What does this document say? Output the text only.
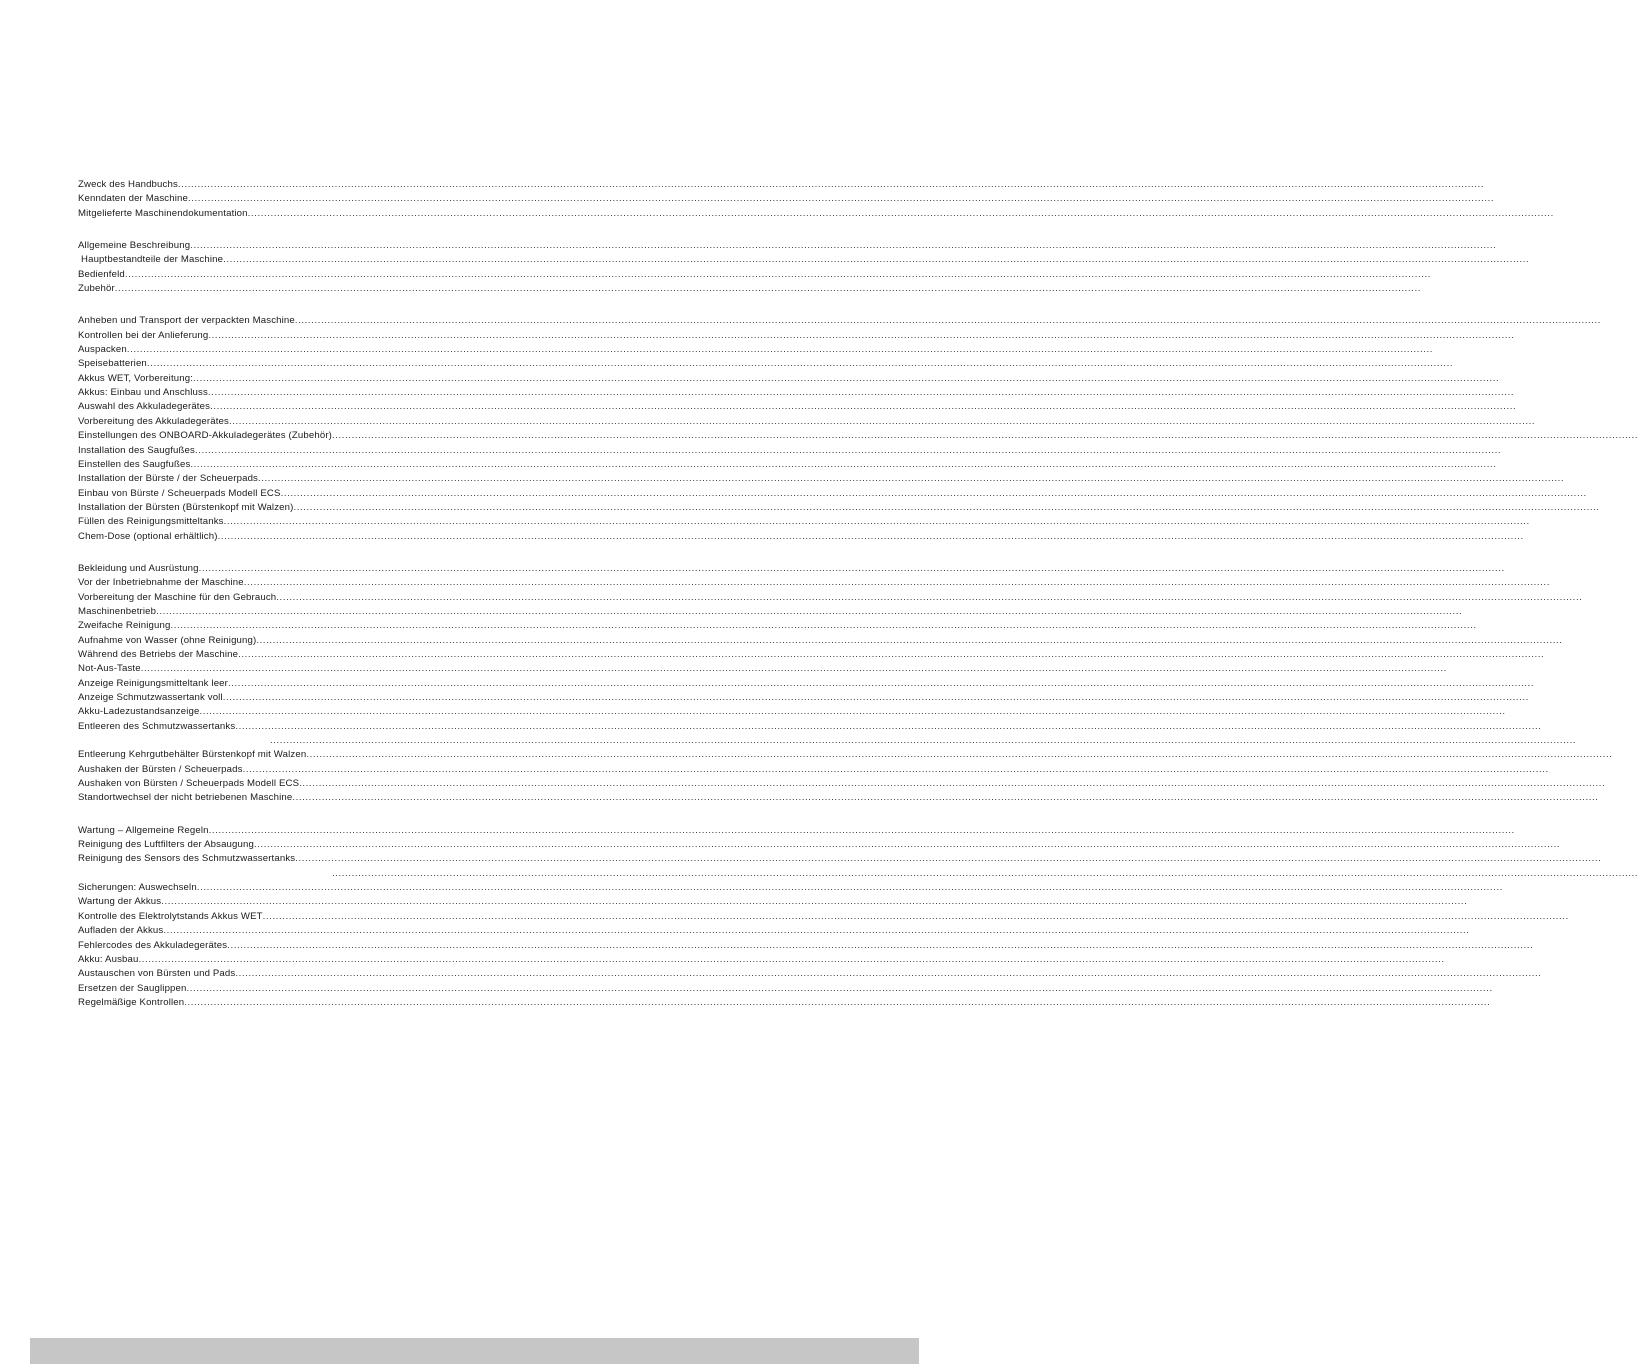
Zweck des Handbuchs ................................................................................................................................................................................................................................................................................................................................................................................................................
Kenndaten der Maschine ................................................................................................................................................................................................................................................................................................................................................................................................................
Mitgelieferte Maschinendokumentation ................................................................................................................................................................................................................................................................................................................................................................................................................
Allgemeine Beschreibung ................................................................................................................................................................................................................................................................................................................................................................................................................
Hauptbestandteile der Maschine ................................................................................................................................................................................................................................................................................................................................................................................................................
Bedienfeld ................................................................................................................................................................................................................................................................................................................................................................................................................
Zubehör ................................................................................................................................................................................................................................................................................................................................................................................................................
Anheben und Transport der verpackten Maschine ................................................................................................................................................................................................................................................................................................................................................................................................................
Kontrollen bei der Anlieferung ................................................................................................................................................................................................................................................................................................................................................................................................................
Auspacken ................................................................................................................................................................................................................................................................................................................................................................................................................
Speisebatterien ................................................................................................................................................................................................................................................................................................................................................................................................................
Akkus WET, Vorbereitung: ................................................................................................................................................................................................................................................................................................................................................................................................................
Akkus: Einbau und Anschluss ................................................................................................................................................................................................................................................................................................................................................................................................................
Auswahl des Akkuladegerätes ................................................................................................................................................................................................................................................................................................................................................................................................................
Vorbereitung des Akkuladegerätes ................................................................................................................................................................................................................................................................................................................................................................................................................
Einstellungen des ONBOARD-Akkuladegerätes (Zubehör) ................................................................................................................................................................................................................................................................................................................................................................................................................
Installation des Saugfußes ................................................................................................................................................................................................................................................................................................................................................................................................................
Einstellen des Saugfußes ................................................................................................................................................................................................................................................................................................................................................................................................................
Installation der Bürste / der Scheuerpads ................................................................................................................................................................................................................................................................................................................................................................................................................
Einbau von Bürste / Scheuerpads Modell ECS ................................................................................................................................................................................................................................................................................................................................................................................................................
Installation der Bürsten (Bürstenkopf mit Walzen) ................................................................................................................................................................................................................................................................................................................................................................................................................
Füllen des Reinigungsmitteltanks ................................................................................................................................................................................................................................................................................................................................................................................................................
Chem-Dose (optional erhältlich) ................................................................................................................................................................................................................................................................................................................................................................................................................
Bekleidung und Ausrüstung ................................................................................................................................................................................................................................................................................................................................................................................................................
Vor der Inbetriebnahme der Maschine ................................................................................................................................................................................................................................................................................................................................................................................................................
Vorbereitung der Maschine für den Gebrauch ................................................................................................................................................................................................................................................................................................................................................................................................................
Maschinenbetrieb ................................................................................................................................................................................................................................................................................................................................................................................................................
Zweifache Reinigung ................................................................................................................................................................................................................................................................................................................................................................................................................
Aufnahme von Wasser (ohne Reinigung) ................................................................................................................................................................................................................................................................................................................................................................................................................
Während des Betriebs der Maschine ................................................................................................................................................................................................................................................................................................................................................................................................................
Not-Aus-Taste ................................................................................................................................................................................................................................................................................................................................................................................................................
Anzeige Reinigungsmitteltank leer ................................................................................................................................................................................................................................................................................................................................................................................................................
Anzeige Schmutzwassertank voll ................................................................................................................................................................................................................................................................................................................................................................................................................
Akku-Ladezustandsanzeige ................................................................................................................................................................................................................................................................................................................................................................................................................
Entleeren des Schmutzwassertanks ................................................................................................................................................................................................................................................................................................................................................................................................................
................................................................................................................................................................................................................................................................................................................................................................................................................
Entleerung Kehrgutbehälter Bürstenkopf mit Walzen ................................................................................................................................................................................................................................................................................................................................................................................................................
Aushaken der Bürsten / Scheuerpads ................................................................................................................................................................................................................................................................................................................................................................................................................
Aushaken von Bürsten / Scheuerpads Modell ECS ................................................................................................................................................................................................................................................................................................................................................................................................................
Standortwechsel der nicht betriebenen Maschine ................................................................................................................................................................................................................................................................................................................................................................................................................
Wartung – Allgemeine Regeln ................................................................................................................................................................................................................................................................................................................................................................................................................
Reinigung des Luftfilters der Absaugung ................................................................................................................................................................................................................................................................................................................................................................................................................
Reinigung des Sensors des Schmutzwassertanks ................................................................................................................................................................................................................................................................................................................................................................................................................
................................................................................................................................................................................................................................................................................................................................................................................................................
Sicherungen: Auswechseln ................................................................................................................................................................................................................................................................................................................................................................................................................
Wartung der Akkus ................................................................................................................................................................................................................................................................................................................................................................................................................
Kontrolle des Elektrolytstands Akkus WET ................................................................................................................................................................................................................................................................................................................................................................................................................
Aufladen der Akkus ................................................................................................................................................................................................................................................................................................................................................................................................................
Fehlercodes des Akkuladegerätes ................................................................................................................................................................................................................................................................................................................................................................................................................
Akku: Ausbau ................................................................................................................................................................................................................................................................................................................................................................................................................
Austauschen von Bürsten und Pads ................................................................................................................................................................................................................................................................................................................................................................................................................
Ersetzen der Sauglippen ................................................................................................................................................................................................................................................................................................................................................................................................................
Regelmäßige Kontrollen ................................................................................................................................................................................................................................................................................................................................................................................................................
